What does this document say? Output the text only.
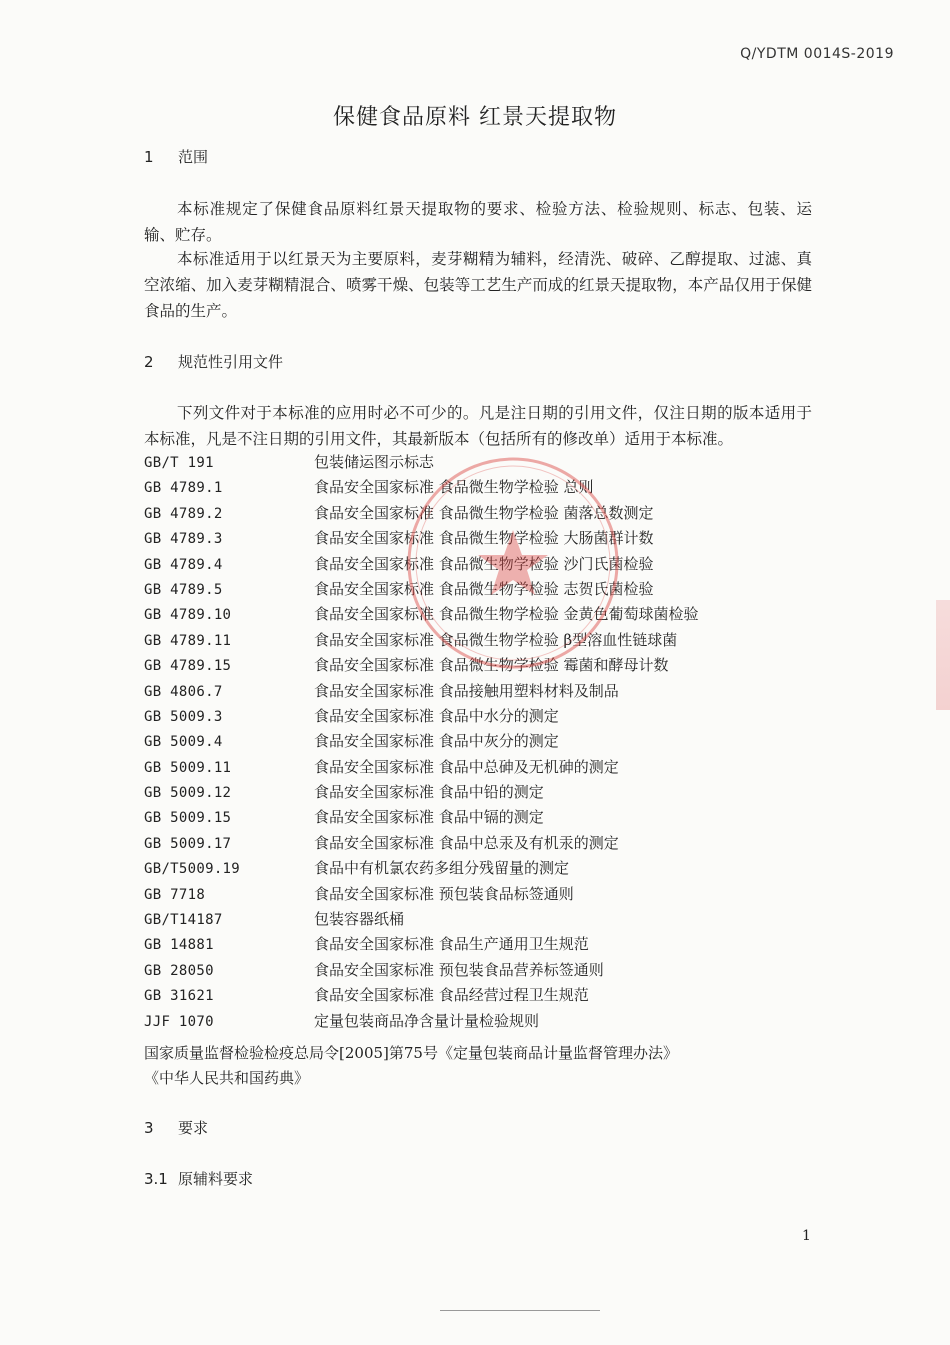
Q/YDTM 0014S-2019
保健食品原料 红景天提取物
1 范围
本标准规定了保健食品原料红景天提取物的要求、检验方法、检验规则、标志、包装、运输、贮存。
本标准适用于以红景天为主要原料，麦芽糊精为辅料，经清洗、破碎、乙醇提取、过滤、真空浓缩、加入麦芽糊精混合、喷雾干燥、包装等工艺生产而成的红景天提取物，本产品仅用于保健食品的生产。
2 规范性引用文件
下列文件对于本标准的应用时必不可少的。凡是注日期的引用文件，仅注日期的版本适用于本标准，凡是不注日期的引用文件，其最新版本（包括所有的修改单）适用于本标准。
GB/T 191	包装储运图示标志
GB 4789.1	食品安全国家标准 食品微生物学检验 总则
GB 4789.2	食品安全国家标准 食品微生物学检验 菌落总数测定
GB 4789.3	食品安全国家标准 食品微生物学检验 大肠菌群计数
GB 4789.4	食品安全国家标准 食品微生物学检验 沙门氏菌检验
GB 4789.5	食品安全国家标准 食品微生物学检验 志贺氏菌检验
GB 4789.10	食品安全国家标准 食品微生物学检验 金黄色葡萄球菌检验
GB 4789.11	食品安全国家标准 食品微生物学检验 β型溶血性链球菌
GB 4789.15	食品安全国家标准 食品微生物学检验 霉菌和酵母计数
GB 4806.7	食品安全国家标准 食品接触用塑料材料及制品
GB 5009.3	食品安全国家标准 食品中水分的测定
GB 5009.4	食品安全国家标准 食品中灰分的测定
GB 5009.11	食品安全国家标准 食品中总砷及无机砷的测定
GB 5009.12	食品安全国家标准 食品中铅的测定
GB 5009.15	食品安全国家标准 食品中镉的测定
GB 5009.17	食品安全国家标准 食品中总汞及有机汞的测定
GB/T5009.19	食品中有机氯农药多组分残留量的测定
GB 7718	食品安全国家标准 预包装食品标签通则
GB/T14187	包装容器纸桶
GB 14881	食品安全国家标准 食品生产通用卫生规范
GB 28050	食品安全国家标准 预包装食品营养标签通则
GB 31621	食品安全国家标准 食品经营过程卫生规范
JJF 1070	定量包装商品净含量计量检验规则
国家质量监督检验检疫总局令[2005]第75号《定量包装商品计量监督管理办法》
《中华人民共和国药典》
3 要求
3.1 原辅料要求
1
